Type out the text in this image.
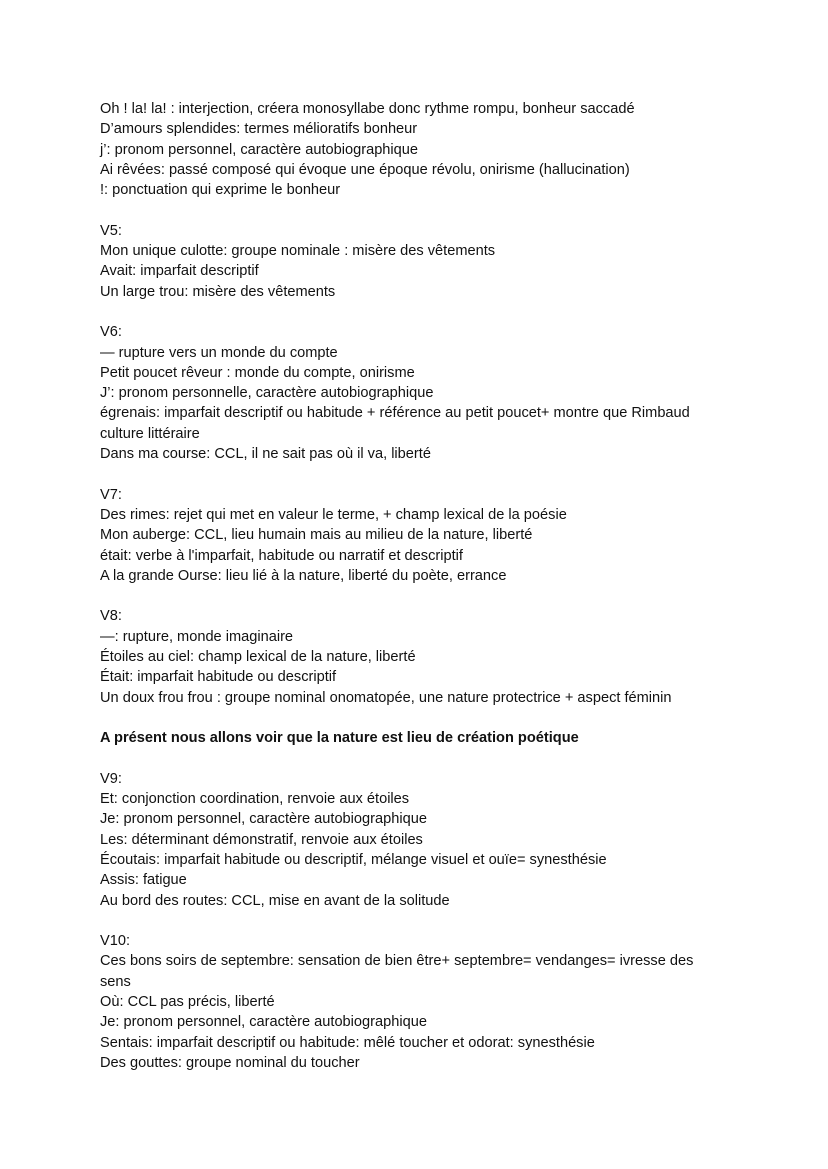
Oh ! la! la! : interjection, créera monosyllabe donc rythme rompu, bonheur saccadé
D’amours splendides: termes mélioratifs bonheur
j’: pronom personnel, caractère autobiographique
Ai rêvées: passé composé qui évoque une époque révolu, onirisme (hallucination)
!: ponctuation qui exprime le bonheur
V5:
Mon unique culotte: groupe nominale : misère des vêtements
Avait: imparfait descriptif
Un large trou: misère des vêtements
V6:
— rupture vers un monde du compte
Petit poucet rêveur : monde du compte, onirisme
J’: pronom personnelle, caractère autobiographique
égrenais: imparfait descriptif ou habitude + référence au petit poucet+ montre que Rimbaud culture littéraire
Dans ma course: CCL, il ne sait pas où il va, liberté
V7:
Des rimes: rejet qui met en valeur le terme, + champ lexical de la poésie
Mon auberge: CCL, lieu humain mais au milieu de la nature, liberté
était: verbe à l'imparfait, habitude ou narratif et descriptif
A la grande Ourse: lieu lié à la nature, liberté du poète, errance
V8:
—: rupture, monde imaginaire
Étoiles au ciel: champ lexical de la nature, liberté
Était: imparfait habitude ou descriptif
Un doux frou frou : groupe nominal onomatopée, une nature protectrice + aspect féminin
A présent nous allons voir que la nature est lieu de création poétique
V9:
Et: conjonction coordination, renvoie aux étoiles
Je: pronom personnel, caractère autobiographique
Les: déterminant démonstratif, renvoie aux étoiles
Écoutais: imparfait habitude ou descriptif, mélange visuel et ouïe= synesthésie
Assis: fatigue
Au bord des routes: CCL, mise en avant de la solitude
V10:
Ces bons soirs de septembre: sensation de bien être+ septembre= vendanges= ivresse des sens
Où: CCL pas précis, liberté
Je: pronom personnel, caractère autobiographique
Sentais: imparfait descriptif ou habitude: mêlé toucher et odorat: synesthésie
Des gouttes: groupe nominal du toucher
